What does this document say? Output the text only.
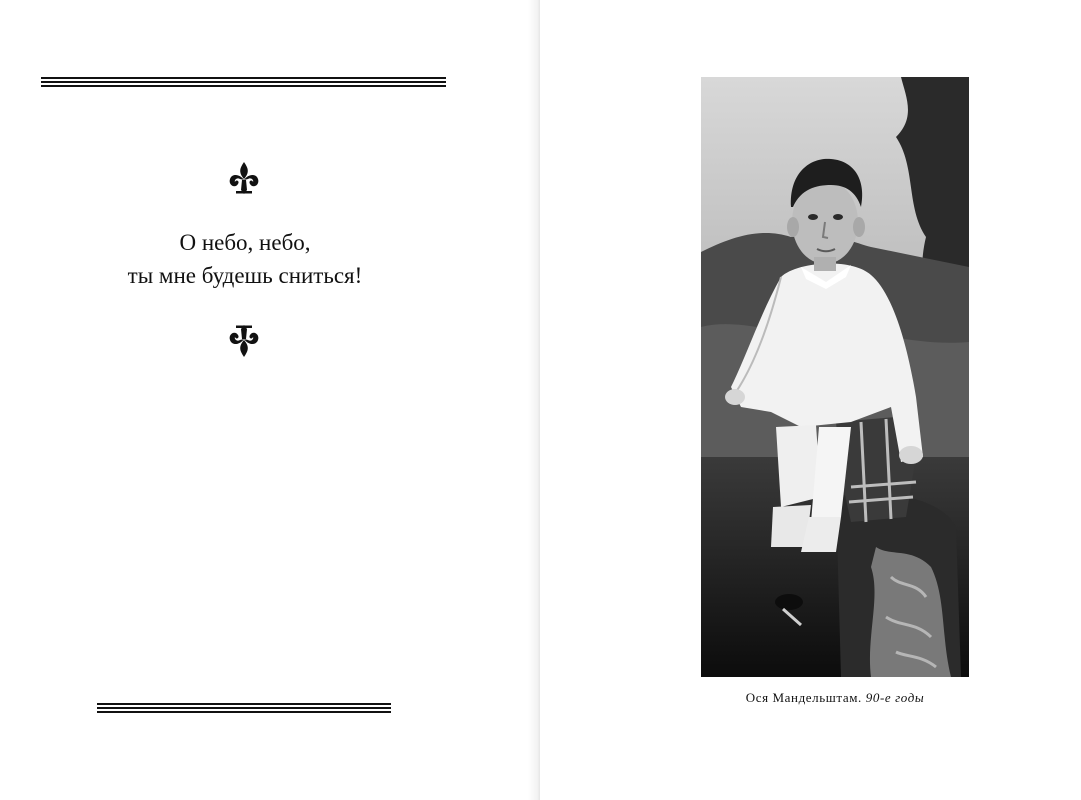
О небо, небо,
ты мне будешь сниться!
Ося Мандельштам. 90-е годы
